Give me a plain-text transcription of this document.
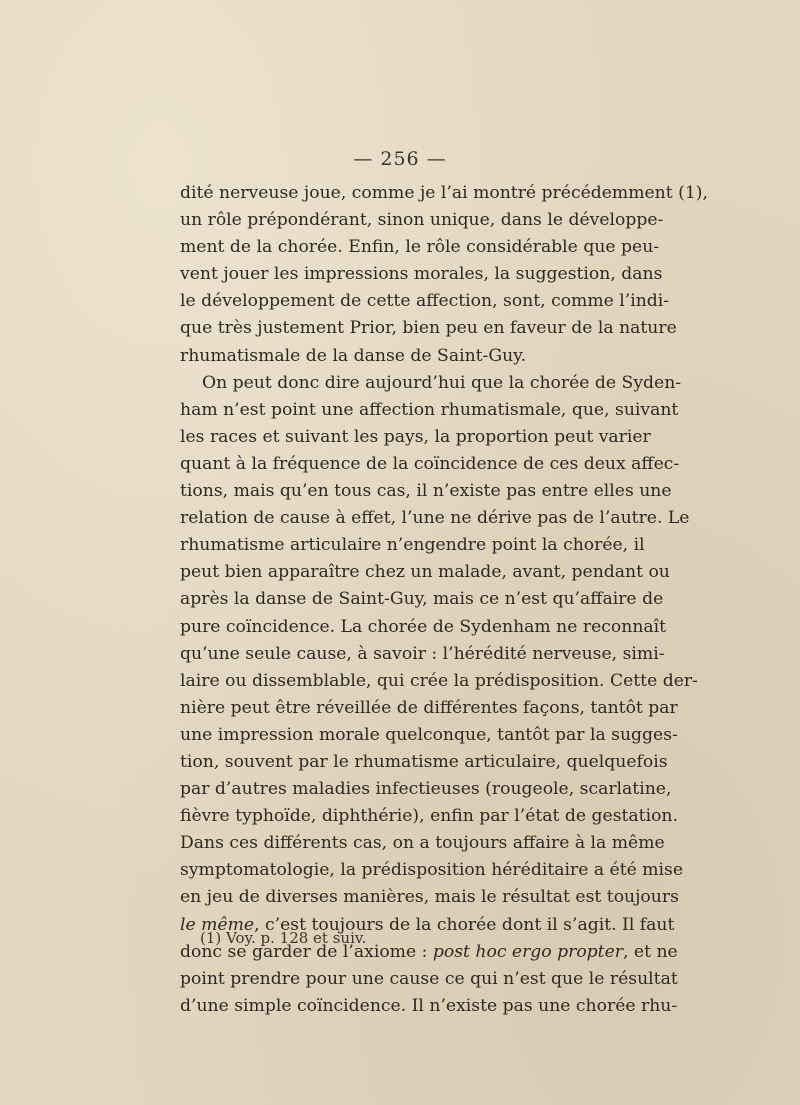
— 256 —
dité nerveuse joue, comme je l’ai montré précédemment (1),
un rôle prépondérant, sinon unique, dans le développe-
ment de la chorée. Enfin, le rôle considérable que peu-
vent jouer les impressions morales, la suggestion, dans
le développement de cette affection, sont, comme l’indi-
que très justement Prior, bien peu en faveur de la nature
rhumatismale de la danse de Saint-Guy.
On peut donc dire aujourd’hui que la chorée de Syden-
ham n’est point une affection rhumatismale, que, suivant
les races et suivant les pays, la proportion peut varier
quant à la fréquence de la coïncidence de ces deux affec-
tions, mais qu’en tous cas, il n’existe pas entre elles une
relation de cause à effet, l’une ne dérive pas de l’autre. Le
rhumatisme articulaire n’engendre point la chorée, il
peut bien apparaître chez un malade, avant, pendant ou
après la danse de Saint-Guy, mais ce n’est qu’affaire de
pure coïncidence. La chorée de Sydenham ne reconnaît
qu’une seule cause, à savoir : l’hérédité nerveuse, simi-
laire ou dissemblable, qui crée la prédisposition. Cette der-
nière peut être réveillée de différentes façons, tantôt par
une impression morale quelconque, tantôt par la sugges-
tion, souvent par le rhumatisme articulaire, quelquefois
par d’autres maladies infectieuses (rougeole, scarlatine,
fièvre typhoïde, diphthérie), enfin par l’état de gestation.
Dans ces différents cas, on a toujours affaire à la même
symptomatologie, la prédisposition héréditaire a été mise
en jeu de diverses manières, mais le résultat est toujours
le même, c’est toujours de la chorée dont il s’agit. Il faut
donc se garder de l’axiome : post hoc ergo propter, et ne
point prendre pour une cause ce qui n’est que le résultat
d’une simple coïncidence. Il n’existe pas une chorée rhu-
(1) Voy. p. 128 et suiv.
